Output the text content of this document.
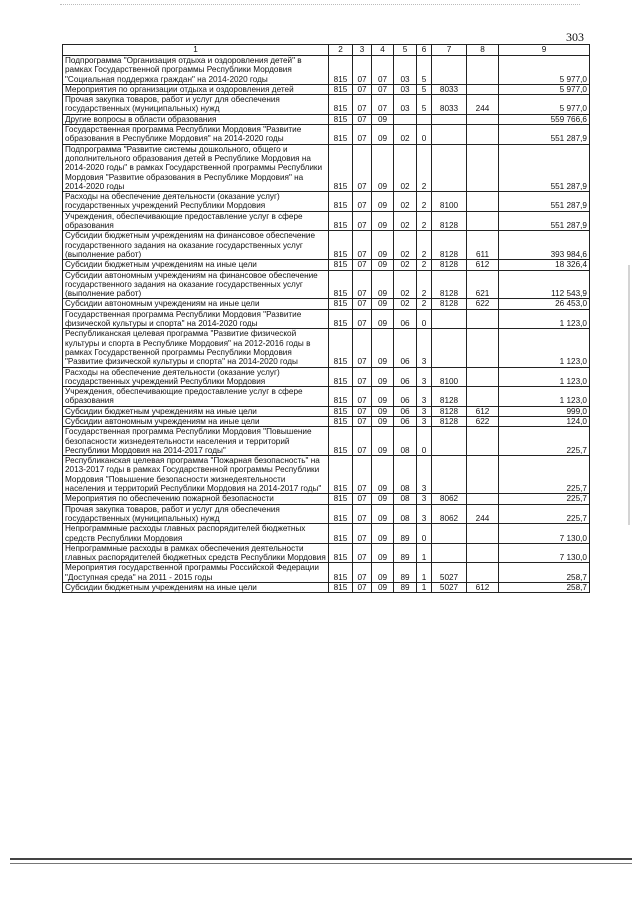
303
1	2	3	4	5	6	7	8	9
Подпрограмма "Организация отдыха и оздоровления детей" в рамках Государственной программы Республики Мордовия "Социальная поддержка граждан" на 2014-2020 годы	815	07	07	03	5			5 977,0
Мероприятия по организации отдыха и оздоровления детей	815	07	07	03	5	8033		5 977,0
Прочая закупка товаров, работ и услуг для обеспечения государственных (муниципальных) нужд	815	07	07	03	5	8033	244	5 977,0
Другие вопросы в области образования	815	07	09					559 766,6
Государственная программа Республики Мордовия "Развитие образования в Республике Мордовия" на 2014-2020 годы	815	07	09	02	0			551 287,9
Подпрограмма "Развитие системы дошкольного, общего и дополнительного образования детей в Республике Мордовия на 2014-2020 годы" в рамках Государственной программы Республики Мордовия "Развитие образования в Республике Мордовия" на 2014-2020 годы	815	07	09	02	2			551 287,9
Расходы на обеспечение деятельности (оказание услуг) государственных учреждений Республики Мордовия	815	07	09	02	2	8100		551 287,9
Учреждения, обеспечивающие предоставление услуг в сфере образования	815	07	09	02	2	8128		551 287,9
Субсидии бюджетным учреждениям на финансовое обеспечение государственного задания на оказание государственных услуг (выполнение работ)	815	07	09	02	2	8128	611	393 984,6
Субсидии бюджетным учреждениям на иные цели	815	07	09	02	2	8128	612	18 326,4
Субсидии автономным учреждениям на финансовое обеспечение государственного задания на оказание государственных услуг (выполнение работ)	815	07	09	02	2	8128	621	112 543,9
Субсидии автономным учреждениям на иные цели	815	07	09	02	2	8128	622	26 453,0
Государственная программа Республики Мордовия "Развитие физической культуры и спорта" на 2014-2020 годы	815	07	09	06	0			1 123,0
Республиканская целевая программа "Развитие физической культуры и спорта в Республике Мордовия" на 2012-2016 годы в рамках Государственной программы Республики Мордовия "Развитие физической культуры и спорта" на 2014-2020 годы	815	07	09	06	3			1 123,0
Расходы на обеспечение деятельности (оказание услуг) государственных учреждений Республики Мордовия	815	07	09	06	3	8100		1 123,0
Учреждения, обеспечивающие предоставление услуг в сфере образования	815	07	09	06	3	8128		1 123,0
Субсидии бюджетным учреждениям на иные цели	815	07	09	06	3	8128	612	999,0
Субсидии автономным учреждениям на иные цели	815	07	09	06	3	8128	622	124,0
Государственная программа Республики Мордовия "Повышение безопасности жизнедеятельности населения и территорий Республики Мордовия на 2014-2017 годы"	815	07	09	08	0			225,7
Республиканская целевая программа "Пожарная безопасность" на 2013-2017 годы в рамках Государственной программы Республики Мордовия "Повышение безопасности жизнедеятельности населения и территорий Республики Мордовия на 2014-2017 годы"	815	07	09	08	3			225,7
Мероприятия по обеспечению пожарной безопасности	815	07	09	08	3	8062		225,7
Прочая закупка товаров, работ и услуг для обеспечения государственных (муниципальных) нужд	815	07	09	08	3	8062	244	225,7
Непрограммные расходы главных распорядителей бюджетных средств Республики Мордовия	815	07	09	89	0			7 130,0
Непрограммные расходы в рамках обеспечения деятельности главных распорядителей бюджетных средств Республики Мордовия	815	07	09	89	1			7 130,0
Мероприятия государственной программы Российской Федерации "Доступная среда" на 2011 - 2015 годы	815	07	09	89	1	5027		258,7
Субсидии бюджетным учреждениям на иные цели	815	07	09	89	1	5027	612	258,7
